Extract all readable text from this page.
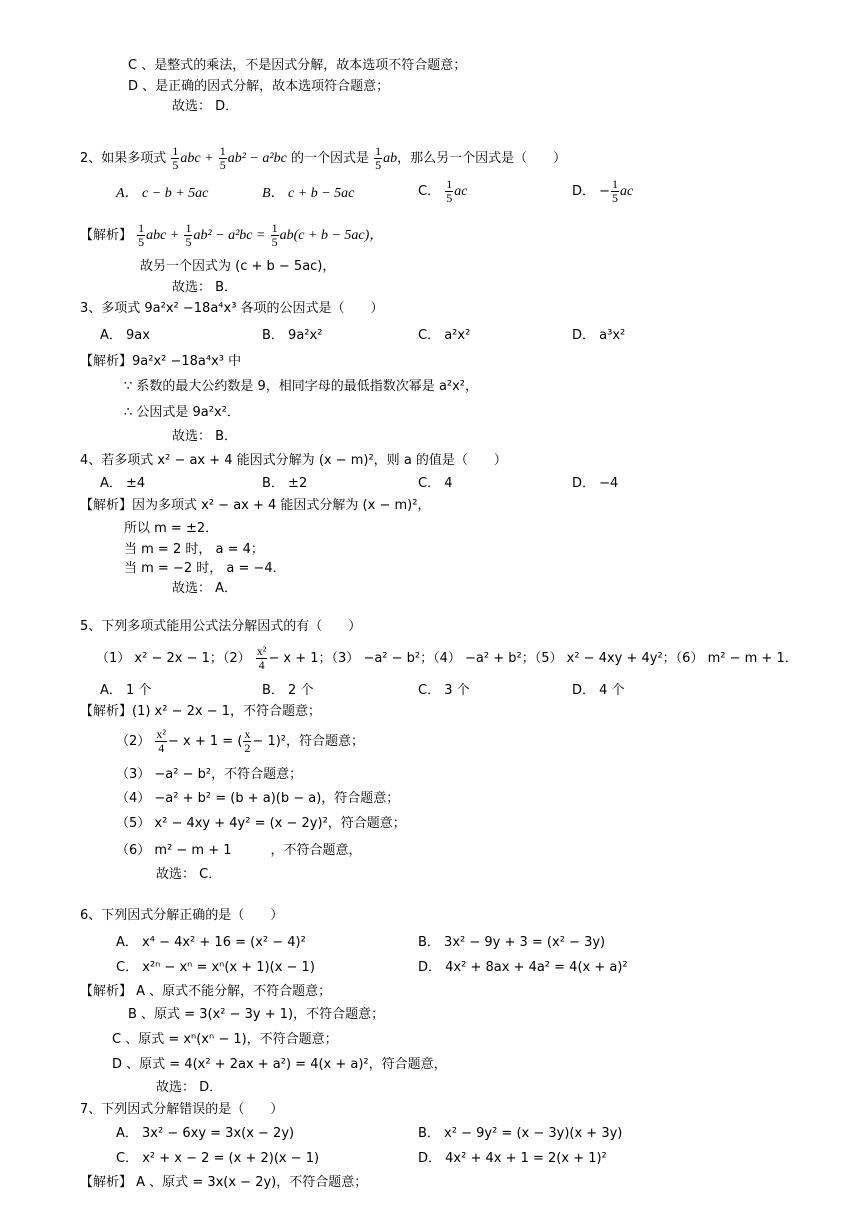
C 、是整式的乘法，不是因式分解，故本选项不符合题意；
D 、是正确的因式分解，故本选项符合题意；
故选： D．
2、如果多项式 $\frac{1}{5}$ abc + $\frac{1}{5} ab^2 - a^2bc$ 的一个因式是 $\frac{1}{5}$ ab，那么另一个因式是（　　）
A． c − b + 5ac	B． c + b − 5ac	C． $\frac{1}{5}$ ac	D． − $\frac{1}{5}$ ac
【解析】 $\frac{1}{5}$ abc + $\frac{1}{5} ab^2 - a^2bc = \frac{1}{5} ab(c + b - 5ac)$，
故另一个因式为 (c + b − 5ac)，
故选： B．
3、多项式 9a²x² −18a⁴x³ 各项的公因式是（　　）
A． 9ax	B． 9a²x²	C． a²x²	D． a³x²
【解析】9a²x² −18a⁴x³ 中
∵ 系数的最大公约数是 9，相同字母的最低指数次幂是 a²x²，
∴ 公因式是 9a²x²．
故选： B．
4、若多项式 x² − ax + 4 能因式分解为 (x − m)²，则 a 的值是（　　）
A． ±4	B． ±2	C． 4	D． −4
【解析】因为多项式 x² − ax + 4 能因式分解为 (x − m)²，
所以 m = ±2．
当 m = 2 时， a = 4；
当 m = −2 时， a = −4．
故选： A．
5、下列多项式能用公式法分解因式的有（　　）
（1） x² − 2x − 1；$(2) \frac{\text{x²}}{4} - x + 1$；（3） −a² − b²；（4） −a² + b²；（5） x² − 4xy + 4y²；（6） m² − m + 1．
A． 1 个	B． 2 个	C． 3 个	D． 4 个
【解析】(1) x² − 2x − 1，不符合题意；
$(2) \frac{\text{x²}}{4} - x + 1$ = ( $\frac{x}{2} - 1)^2$，符合题意；
（3） −a² − b²，不符合题意；
（4） −a² + b² = (b + a)(b − a)，符合题意；
（5） x² − 4xy + 4y² = (x − 2y)²，符合题意；
（6） m² − m + 1　　　，不符合题意，
故选： C．
6、下列因式分解正确的是（　　）
A． x⁴ − 4x² + 16 = (x² − 4)²	B． 3x² − 9y + 3 = (x² − 3y)
C． x²ⁿ − xⁿ = xⁿ(x + 1)(x − 1)	D． 4x² + 8ax + 4a² = 4(x + a)²
【解析】 A 、原式不能分解，不符合题意；
B 、原式 = 3(x² − 3y + 1)，不符合题意；
C 、原式 = xⁿ(xⁿ − 1)，不符合题意；
D 、原式 = 4(x² + 2ax + a²) = 4(x + a)²，符合题意，
故选： D．
7、下列因式分解错误的是（　　）
A． 3x² − 6xy = 3x(x − 2y)	B． x² − 9y² = (x − 3y)(x + 3y)
C． x² + x − 2 = (x + 2)(x − 1)	D． 4x² + 4x + 1 = 2(x + 1)²
【解析】 A 、原式 = 3x(x − 2y)，不符合题意；
